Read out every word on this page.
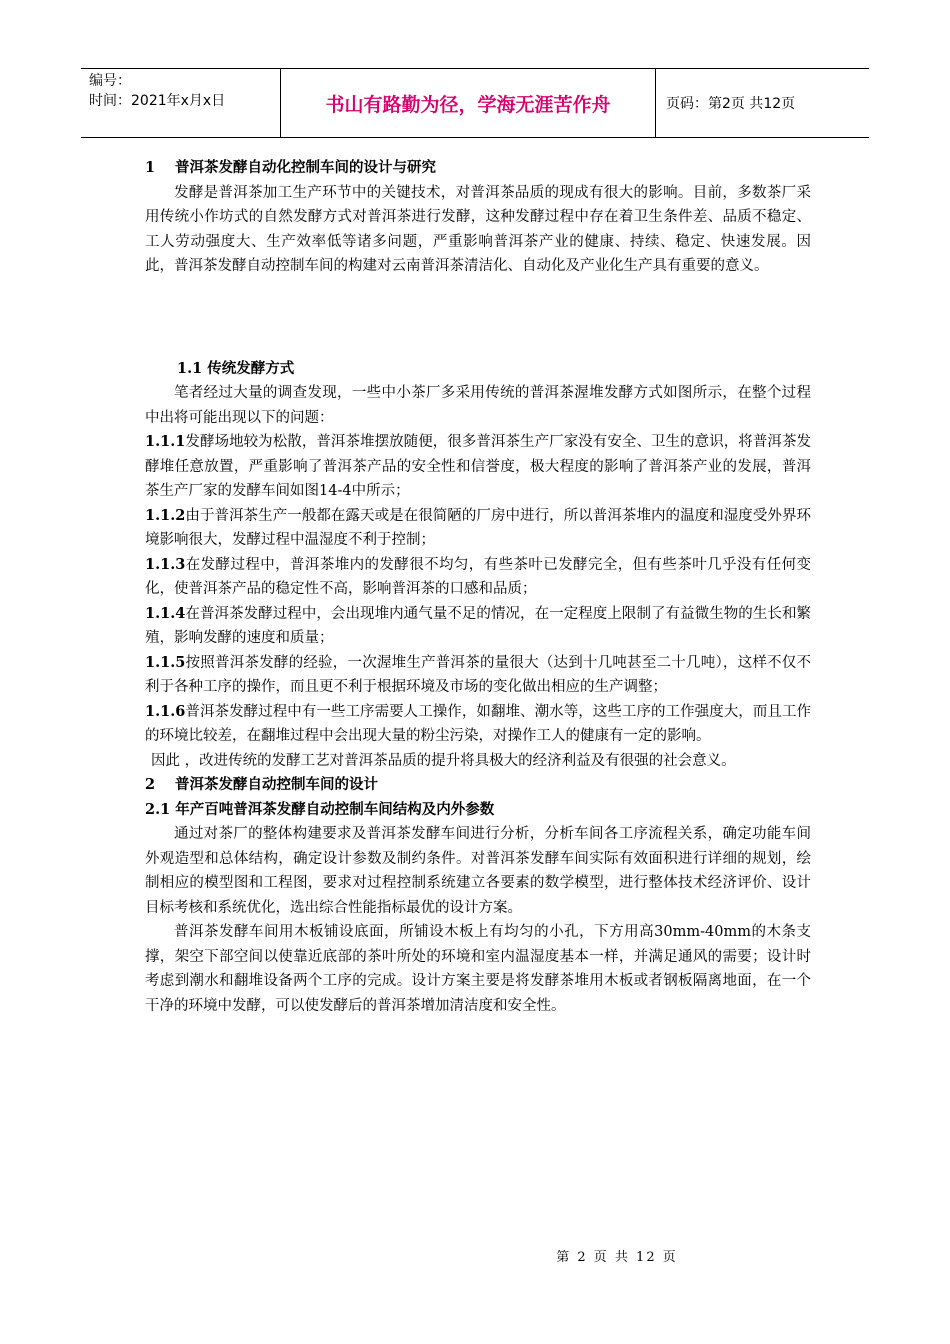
编号：
时间：2021年x月x日	书山有路勤为径，学海无涯苦作舟	页码：第2页 共12页

1 普洱茶发酵自动化控制车间的设计与研究

发酵是普洱茶加工生产环节中的关键技术，对普洱茶品质的现成有很大的影响。目前，多数茶厂采用传统小作坊式的自然发酵方式对普洱茶进行发酵，这种发酵过程中存在着卫生条件差、品质不稳定、工人劳动强度大、生产效率低等诸多问题，严重影响普洱茶产业的健康、持续、稳定、快速发展。因此，普洱茶发酵自动控制车间的构建对云南普洱茶清洁化、自动化及产业化生产具有重要的意义。

1.1 传统发酵方式

笔者经过大量的调查发现，一些中小茶厂多采用传统的普洱茶渥堆发酵方式如图所示，在整个过程中出将可能出现以下的问题：

1.1.1发酵场地较为松散，普洱茶堆摆放随便，很多普洱茶生产厂家没有安全、卫生的意识，将普洱茶发酵堆任意放置，严重影响了普洱茶产品的安全性和信誉度，极大程度的影响了普洱茶产业的发展，普洱茶生产厂家的发酵车间如图14-4中所示；

1.1.2由于普洱茶生产一般都在露天或是在很简陋的厂房中进行，所以普洱茶堆内的温度和湿度受外界环境影响很大，发酵过程中温湿度不利于控制；

1.1.3在发酵过程中，普洱茶堆内的发酵很不均匀，有些茶叶已发酵完全，但有些茶叶几乎没有任何变化，使普洱茶产品的稳定性不高，影响普洱茶的口感和品质；

1.1.4在普洱茶发酵过程中，会出现堆内通气量不足的情况，在一定程度上限制了有益微生物的生长和繁殖，影响发酵的速度和质量；

1.1.5按照普洱茶发酵的经验，一次渥堆生产普洱茶的量很大（达到十几吨甚至二十几吨），这样不仅不利于各种工序的操作，而且更不利于根据环境及市场的变化做出相应的生产调整；

1.1.6普洱茶发酵过程中有一些工序需要人工操作，如翻堆、潮水等，这些工序的工作强度大，而且工作的环境比较差，在翻堆过程中会出现大量的粉尘污染，对操作工人的健康有一定的影响。

因此 ，改进传统的发酵工艺对普洱茶品质的提升将具极大的经济利益及有很强的社会意义。

2 普洱茶发酵自动控制车间的设计

2.1 年产百吨普洱茶发酵自动控制车间结构及内外参数

通过对茶厂的整体构建要求及普洱茶发酵车间进行分析，分析车间各工序流程关系，确定功能车间外观造型和总体结构，确定设计参数及制约条件。对普洱茶发酵车间实际有效面积进行详细的规划，绘制相应的模型图和工程图，要求对过程控制系统建立各要素的数学模型，进行整体技术经济评价、设计目标考核和系统优化，选出综合性能指标最优的设计方案。

普洱茶发酵车间用木板铺设底面，所铺设木板上有均匀的小孔，下方用高30mm-40mm的木条支撑，架空下部空间以使靠近底部的茶叶所处的环境和室内温湿度基本一样，并满足通风的需要；设计时考虑到潮水和翻堆设备两个工序的完成。设计方案主要是将发酵茶堆用木板或者钢板隔离地面，在一个干净的环境中发酵，可以使发酵后的普洱茶增加清洁度和安全性。

第 2 页 共 12 页
